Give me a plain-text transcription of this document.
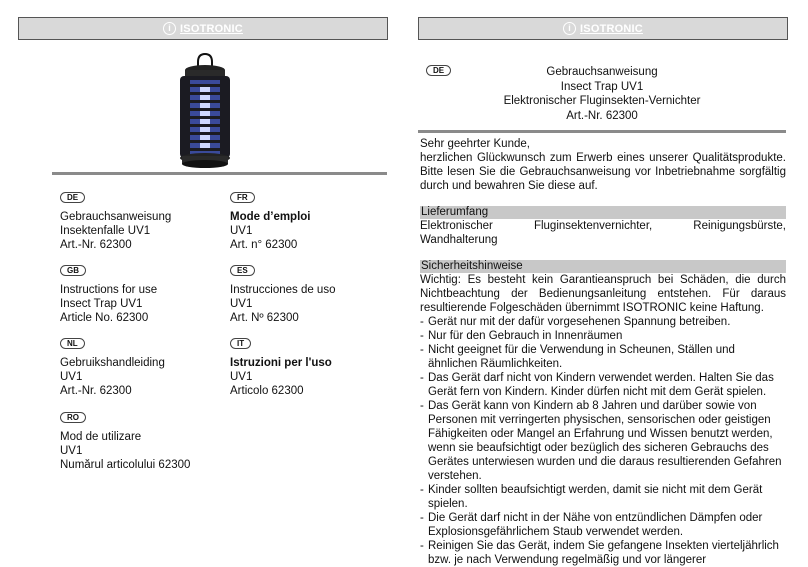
i ISOTRONIC
DE
Gebrauchsanweisung
Insektenfalle UV1
Art.-Nr. 62300
FR
Mode d’emploi
UV1
Art. n° 62300
GB
Instructions for use
Insect Trap UV1
Article No. 62300
ES
Instrucciones de uso
UV1
Art. Nº 62300
NL
Gebruikshandleiding
UV1
Art.-Nr. 62300
IT
Istruzioni per l'uso
UV1
Articolo 62300
RO
Mod de utilizare
UV1
Numărul articolului 62300
i ISOTRONIC
DE	Gebrauchsanweisung
Insect Trap UV1
Elektronischer Fluginsekten-Vernichter
Art.-Nr. 62300

Sehr geehrter Kunde,

herzlichen Glückwunsch zum Erwerb eines unserer Qualitätsprodukte. Bitte lesen Sie die Gebrauchsanweisung vor Inbetriebnahme sorgfältig durch und bewahren Sie diese auf.

Lieferumfang

Elektronischer Fluginsektenvernichter, Reinigungsbürste, Wandhalterung

Sicherheitshinweise

Wichtig: Es besteht kein Garantieanspruch bei Schäden, die durch Nichtbeachtung der Bedienungsanleitung entstehen. Für daraus resultierende Folgeschäden übernimmt ISOTRONIC keine Haftung.

- Gerät nur mit der dafür vorgesehenen Spannung betreiben.
- Nur für den Gebrauch in Innenräumen
- Nicht geeignet für die Verwendung in Scheunen, Ställen und ähnlichen Räumlichkeiten.
- Das Gerät darf nicht von Kindern verwendet werden. Halten Sie das Gerät fern von Kindern. Kinder dürfen nicht mit dem Gerät spielen.
- Das Gerät kann von Kindern ab 8 Jahren und darüber sowie von Personen mit verringerten physischen, sensorischen oder geistigen Fähigkeiten oder Mangel an Erfahrung und Wissen benutzt werden, wenn sie beaufsichtigt oder bezüglich des sicheren Gebrauchs des Gerätes unterwiesen wurden und die daraus resultierenden Gefahren verstehen.
- Kinder sollten beaufsichtigt werden, damit sie nicht mit dem Gerät spielen.
- Die Gerät darf nicht in der Nähe von entzündlichen Dämpfen oder Explosionsgefährlichem Staub verwendet werden.
- Reinigen Sie das Gerät, indem Sie gefangene Insekten vierteljährlich bzw. je nach Verwendung regelmäßig und vor längerer
